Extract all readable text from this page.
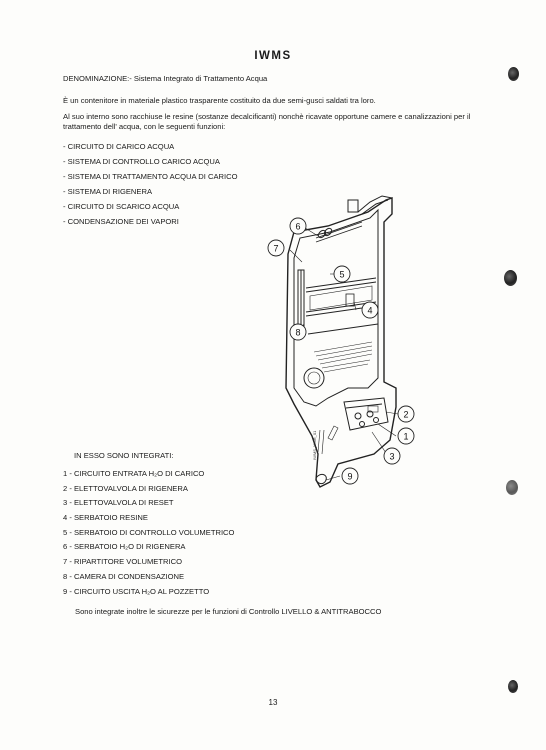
IWMS
DENOMINAZIONE:- Sistema Integrato di Trattamento Acqua
È un contenitore in materiale plastico trasparente costituito da due semi-gusci saldati tra loro.
Al suo interno sono racchiuse le resine (sostanze decalcificanti) nonchè ricavate opportune camere e canalizzazioni per il trattamento dell' acqua, con le seguenti funzioni:
- CIRCUITO DI CARICO ACQUA
- SISTEMA DI CONTROLLO CARICO ACQUA
- SISTEMA DI TRATTAMENTO ACQUA DI CARICO
- SISTEMA DI RIGENERA
- CIRCUITO DI SCARICO ACQUA
- CONDENSAZIONE DEI VAPORI
IWMS_MMR_01	1
2
3
4
5
6
7
8
9
IN ESSO SONO INTEGRATI:
1 - CIRCUITO ENTRATA H₂O DI CARICO
2 - ELETTOVALVOLA DI RIGENERA
3 - ELETTOVALVOLA DI RESET
4 - SERBATOIO RESINE
5 - SERBATOIO DI CONTROLLO VOLUMETRICO
6 - SERBATOIO H₂O DI RIGENERA
7 - RIPARTITORE VOLUMETRICO
8 - CAMERA DI CONDENSAZIONE
9 - CIRCUITO USCITA H₂O AL POZZETTO
Sono integrate inoltre le sicurezze per le funzioni di Controllo LIVELLO & ANTITRABOCCO
13
